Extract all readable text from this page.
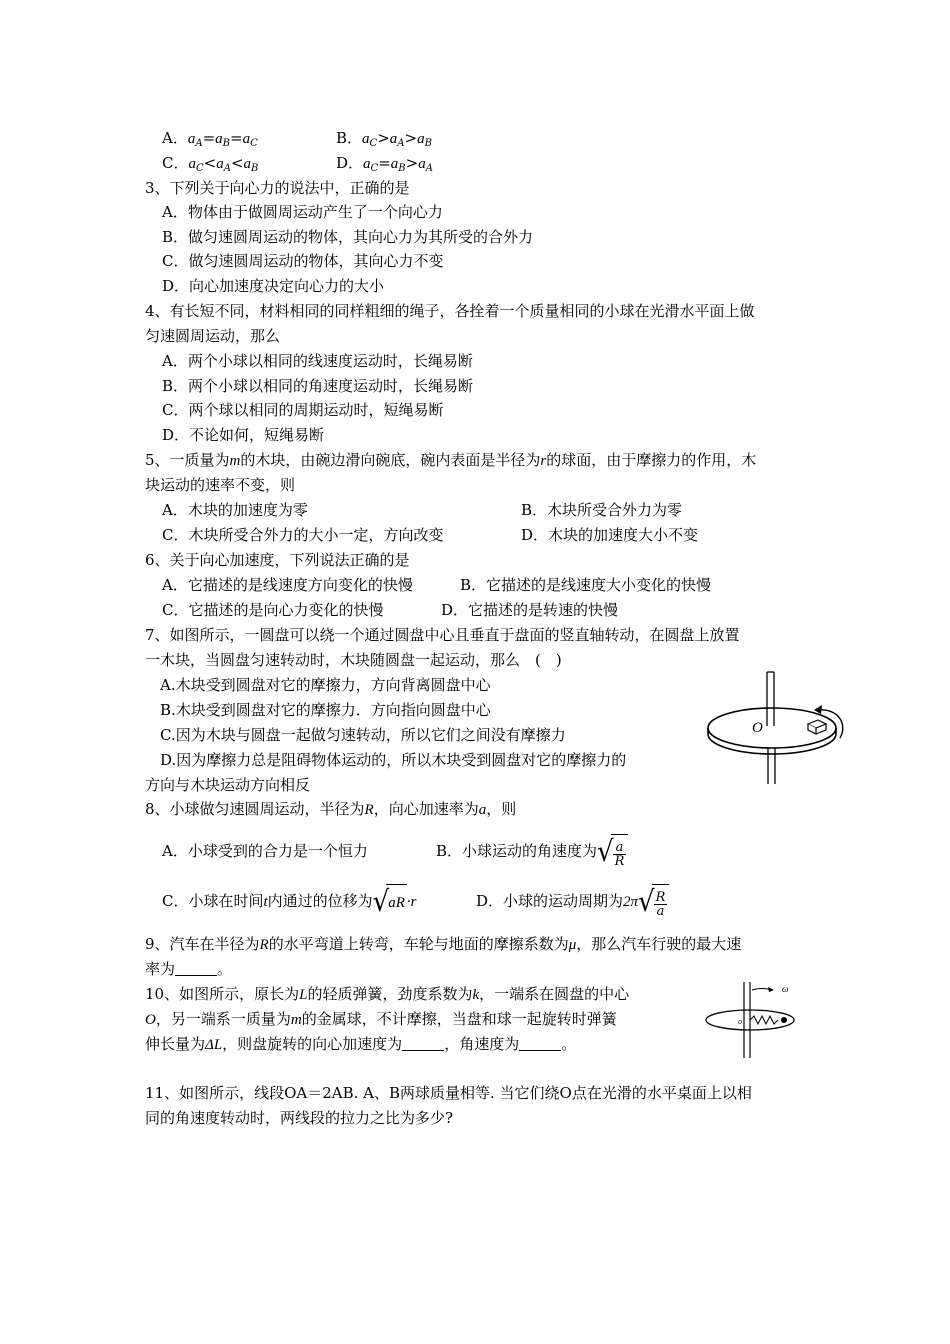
A．$a_A=a_B=a_C$	B．$a_C>a_A>a_B$
C．$a_C<a_A<a_B$	D．$a_C=a_B>a_A$
3、下列关于向心力的说法中，正确的是
A．物体由于做圆周运动产生了一个向心力
B．做匀速圆周运动的物体，其向心力为其所受的合外力
C．做匀速圆周运动的物体，其向心力不变
D．向心加速度决定向心力的大小
4、有长短不同，材料相同的同样粗细的绳子，各拴着一个质量相同的小球在光滑水平面上做
匀速圆周运动，那么
A．两个小球以相同的线速度运动时，长绳易断
B．两个小球以相同的角速度运动时，长绳易断
C．两个球以相同的周期运动时，短绳易断
D．不论如何，短绳易断
5、一质量为m的木块，由碗边滑向碗底，碗内表面是半径为r的球面，由于摩擦力的作用，木
块运动的速率不变，则
A．木块的加速度为零	B．木块所受合外力为零
C．木块所受合外力的大小一定，方向改变	D．木块的加速度大小不变
6、关于向心加速度，下列说法正确的是
A．它描述的是线速度方向变化的快慢	B．它描述的是线速度大小变化的快慢
C．它描述的是向心力变化的快慢	D．它描述的是转速的快慢
7、如图所示，一圆盘可以绕一个通过圆盘中心且垂直于盘面的竖直轴转动，在圆盘上放置
一木块，当圆盘匀速转动时，木块随圆盘一起运动，那么　(　)
A.木块受到圆盘对它的摩擦力，方向背离圆盘中心
B.木块受到圆盘对它的摩擦力．方向指向圆盘中心
C.因为木块与圆盘一起做匀速转动，所以它们之间没有摩擦力
D.因为摩擦力总是阻碍物体运动的，所以木块受到圆盘对它的摩擦力的
方向与木块运动方向相反
O
8、小球做匀速圆周运动，半径为R，向心加速率为a，则
A．小球受到的合力是一个恒力	B．小球运动的角速度为√ $\frac{a}{R}$
C．小球在时间t内通过的位移为√aR ·r	D．小球的运动周期为$2\pi√ \frac{R}{a}$
9、汽车在半径为R的水平弯道上转弯，车轮与地面的摩擦系数为μ，那么汽车行驶的最大速
率为	。
10、如图所示，原长为L的轻质弹簧，劲度系数为k，一端系在圆盘的中心
O，另一端系一质量为m的金属球，不计摩擦，当盘和球一起旋转时弹簧
伸长量为ΔL，则盘旋转的向心加速度为	，角速度为	。
o
ω
11、如图所示，线段OA＝2AB. A、B两球质量相等. 当它们绕O点在光滑的水平桌面上以相
同的角速度转动时，两线段的拉力之比为多少?
